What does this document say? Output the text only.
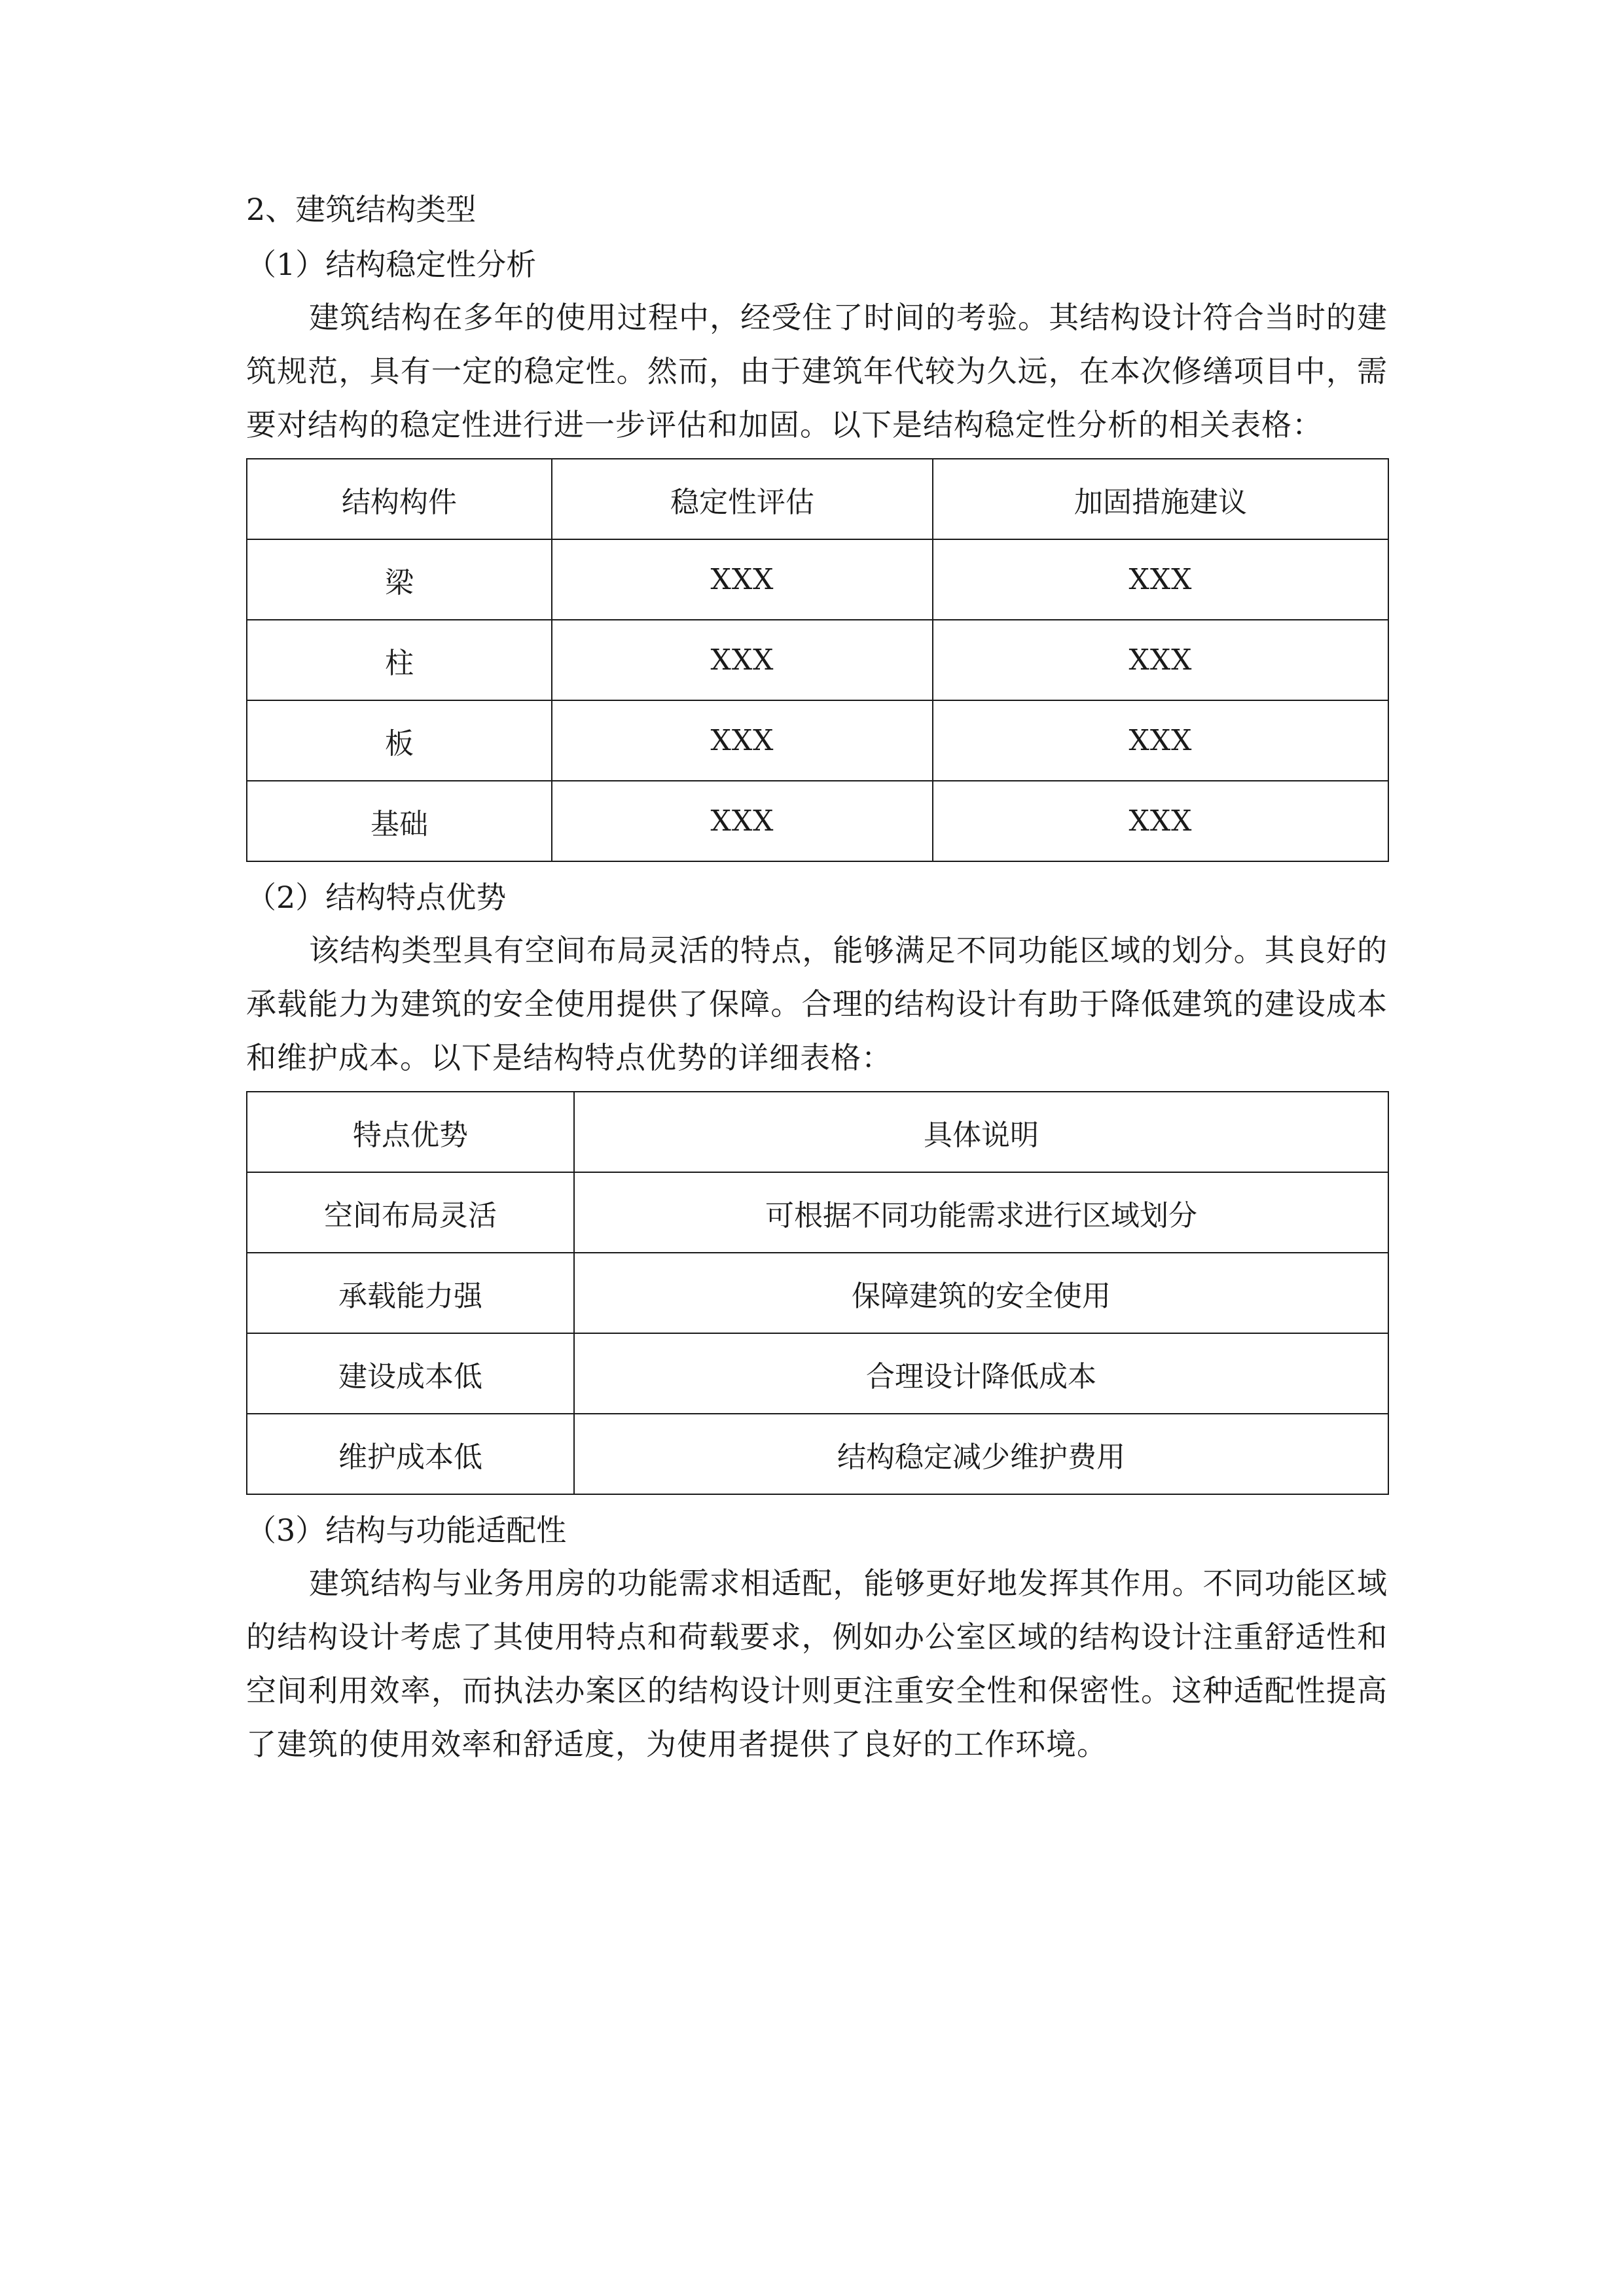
2、建筑结构类型

（1）结构稳定性分析

建筑结构在多年的使用过程中，经受住了时间的考验。其结构设计符合当时的建筑规范，具有一定的稳定性。然而，由于建筑年代较为久远，在本次修缮项目中，需要对结构的稳定性进行进一步评估和加固。以下是结构稳定性分析的相关表格：

结构构件	稳定性评估	加固措施建议
梁	XXX	XXX
柱	XXX	XXX
板	XXX	XXX
基础	XXX	XXX

（2）结构特点优势

该结构类型具有空间布局灵活的特点，能够满足不同功能区域的划分。其良好的承载能力为建筑的安全使用提供了保障。合理的结构设计有助于降低建筑的建设成本和维护成本。以下是结构特点优势的详细表格：

特点优势	具体说明
空间布局灵活	可根据不同功能需求进行区域划分
承载能力强	保障建筑的安全使用
建设成本低	合理设计降低成本
维护成本低	结构稳定减少维护费用

（3）结构与功能适配性

建筑结构与业务用房的功能需求相适配，能够更好地发挥其作用。不同功能区域的结构设计考虑了其使用特点和荷载要求，例如办公室区域的结构设计注重舒适性和空间利用效率，而执法办案区的结构设计则更注重安全性和保密性。这种适配性提高了建筑的使用效率和舒适度，为使用者提供了良好的工作环境。
